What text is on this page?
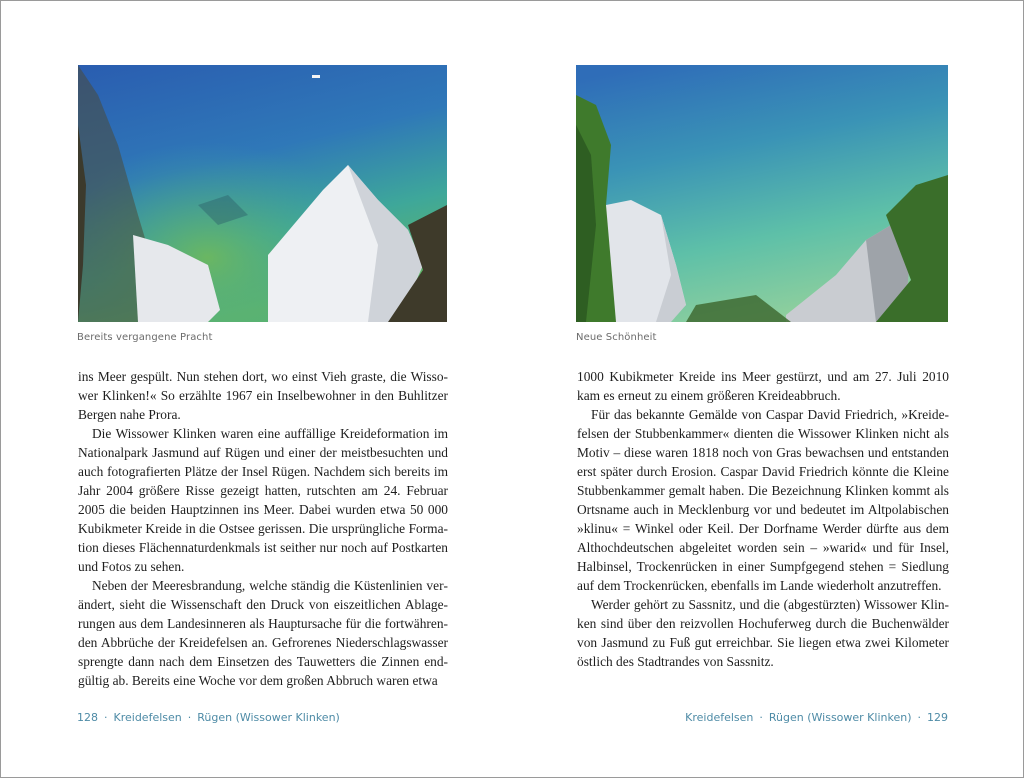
Bereits vergangene Pracht

ins Meer gespült. Nun stehen dort, wo einst Vieh graste, die Wissower Klinken!« So erzählte 1967 ein Inselbewohner in den Buhlitzer Bergen nahe Prora.

Die Wissower Klinken waren eine auffällige Kreideformation im Nationalpark Jasmund auf Rügen und einer der meistbesuchten und auch fotografierten Plätze der Insel Rügen. Nachdem sich bereits im Jahr 2004 größere Risse gezeigt hatten, rutschten am 24. Februar 2005 die beiden Hauptzinnen ins Meer. Dabei wurden etwa 50 000 Kubikmeter Kreide in die Ostsee gerissen. Die ursprüngliche Formation dieses Flächennaturdenkmals ist seither nur noch auf Postkarten und Fotos zu sehen.

Neben der Meeresbrandung, welche ständig die Küstenlinien verändert, sieht die Wissenschaft den Druck von eiszeitlichen Ablagerungen aus dem Landesinneren als Hauptursache für die fortwährenden Abbrüche der Kreidefelsen an. Gefrorenes Niederschlagswasser sprengte dann nach dem Einsetzen des Tauwetters die Zinnen endgültig ab. Bereits eine Woche vor dem großen Abbruch waren etwa

128 · Kreidefelsen · Rügen (Wissower Klinken)
Neue Schönheit

1000 Kubikmeter Kreide ins Meer gestürzt, und am 27. Juli 2010 kam es erneut zu einem größeren Kreideabbruch.

Für das bekannte Gemälde von Caspar David Friedrich, »Kreidefelsen der Stubbenkammer« dienten die Wissower Klinken nicht als Motiv – diese waren 1818 noch von Gras bewachsen und entstanden erst später durch Erosion. Caspar David Friedrich könnte die Kleine Stubbenkammer gemalt haben. Die Bezeichnung Klinken kommt als Ortsname auch in Mecklenburg vor und bedeutet im Altpolabischen »klinu« = Winkel oder Keil. Der Dorfname Werder dürfte aus dem Althochdeutschen abgeleitet worden sein – »warid« und für Insel, Halbinsel, Trockenrücken in einer Sumpfgegend stehen = Siedlung auf dem Trockenrücken, ebenfalls im Lande wiederholt anzutreffen.

Werder gehört zu Sassnitz, und die (abgestürzten) Wissower Klinken sind über den reizvollen Hochuferweg durch die Buchenwälder von Jasmund zu Fuß gut erreichbar. Sie liegen etwa zwei Kilometer östlich des Stadtrandes von Sassnitz.

Kreidefelsen · Rügen (Wissower Klinken) · 129
